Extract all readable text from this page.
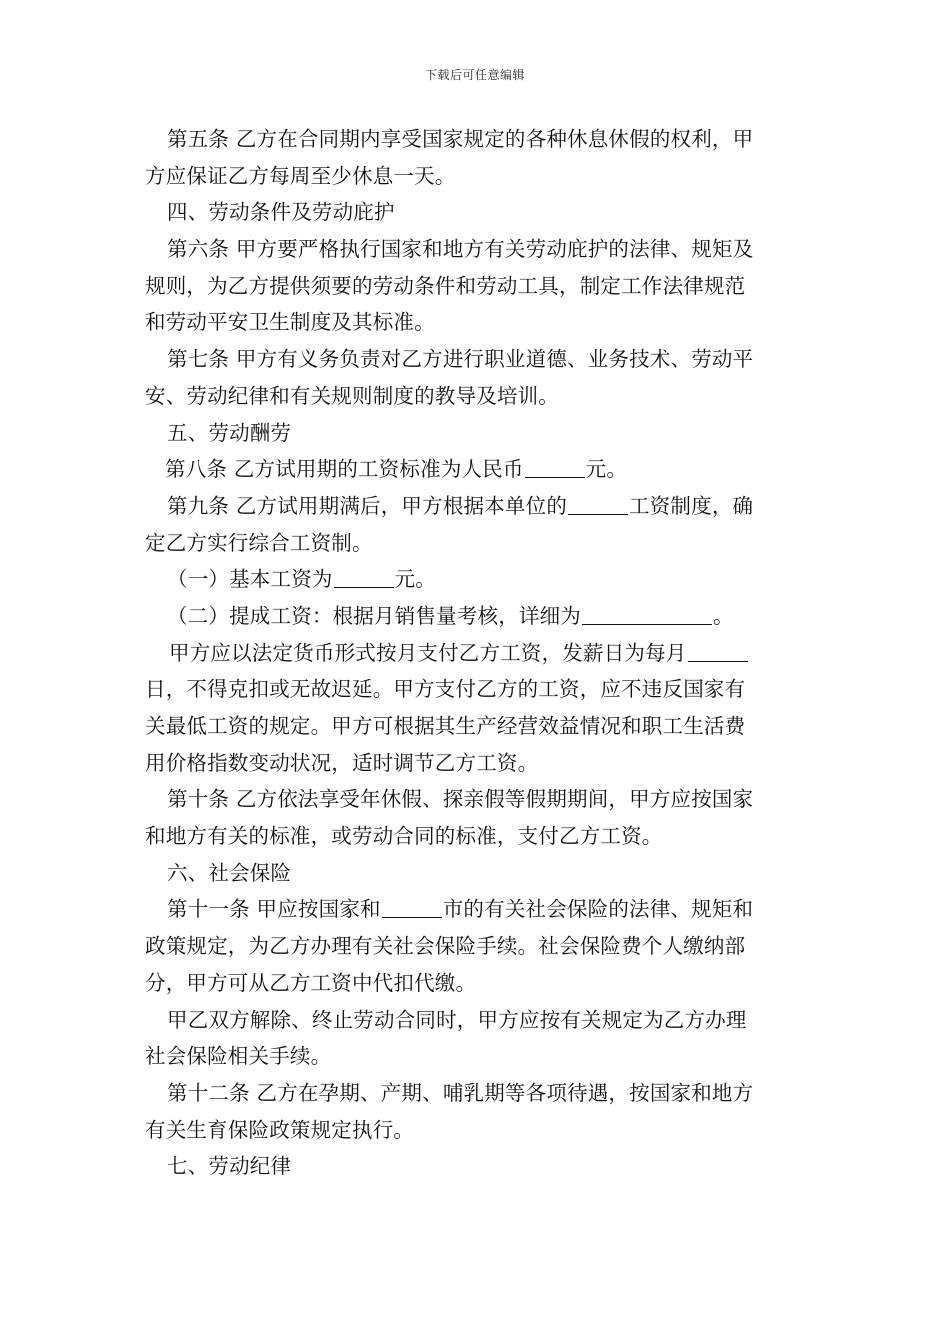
下载后可任意编辑
第五条 乙方在合同期内享受国家规定的各种休息休假的权利，甲
方应保证乙方每周至少休息一天。
四、劳动条件及劳动庇护
第六条 甲方要严格执行国家和地方有关劳动庇护的法律、规矩及
规则，为乙方提供须要的劳动条件和劳动工具，制定工作法律规范
和劳动平安卫生制度及其标准。
第七条 甲方有义务负责对乙方进行职业道德、业务技术、劳动平
安、劳动纪律和有关规则制度的教导及培训。
五、劳动酬劳
第八条 乙方试用期的工资标准为人民币	元。
第九条 乙方试用期满后，甲方根据本单位的	工资制度，确
定乙方实行综合工资制。
（一）基本工资为	元。
（二）提成工资：根据月销售量考核，详细为	。
甲方应以法定货币形式按月支付乙方工资，发薪日为每月
日，不得克扣或无故迟延。甲方支付乙方的工资，应不违反国家有
关最低工资的规定。甲方可根据其生产经营效益情况和职工生活费
用价格指数变动状况，适时调节乙方工资。
第十条 乙方依法享受年休假、探亲假等假期期间，甲方应按国家
和地方有关的标准，或劳动合同的标准，支付乙方工资。
六、社会保险
第十一条 甲应按国家和	市的有关社会保险的法律、规矩和
政策规定，为乙方办理有关社会保险手续。社会保险费个人缴纳部
分，甲方可从乙方工资中代扣代缴。
甲乙双方解除、终止劳动合同时，甲方应按有关规定为乙方办理
社会保险相关手续。
第十二条 乙方在孕期、产期、哺乳期等各项待遇，按国家和地方
有关生育保险政策规定执行。
七、劳动纪律
